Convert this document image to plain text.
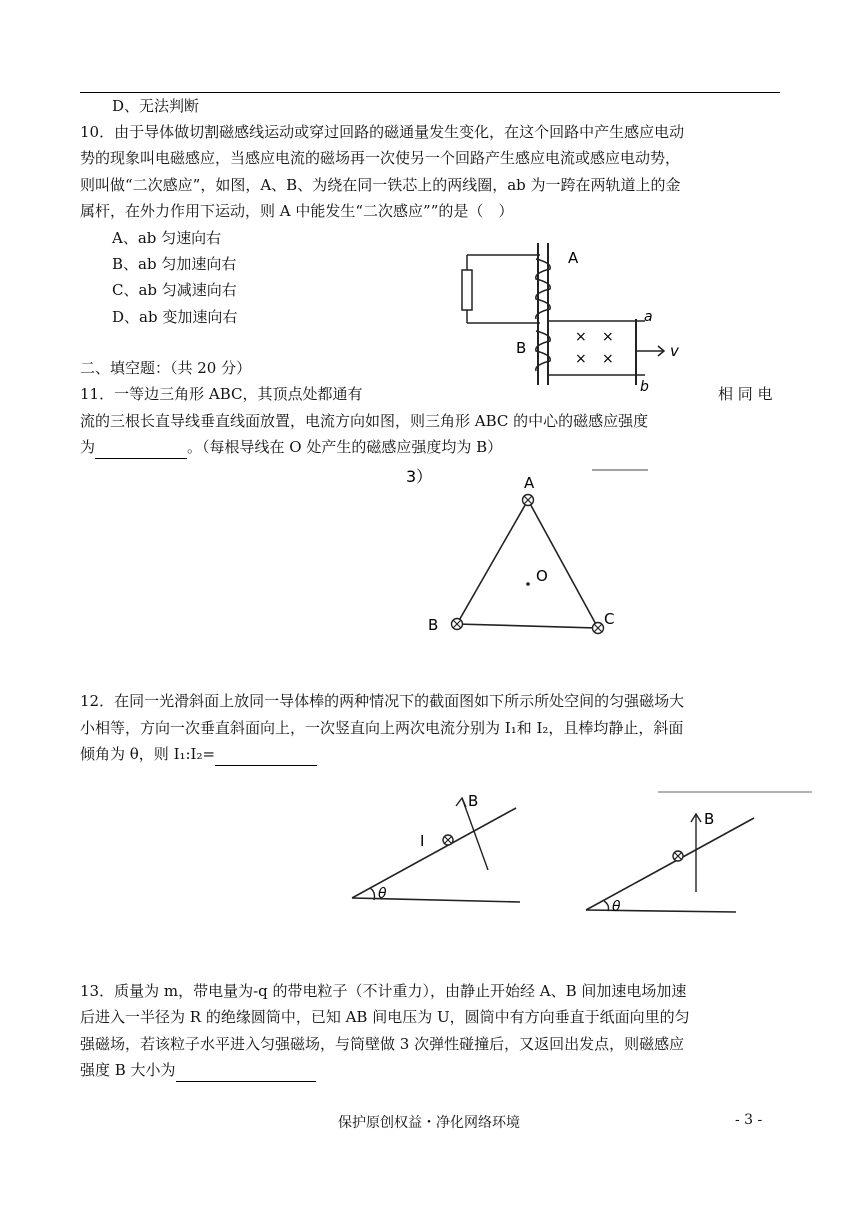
D、无法判断
10．由于导体做切割磁感线运动或穿过回路的磁通量发生变化，在这个回路中产生感应电动
势的现象叫电磁感应，当感应电流的磁场再一次使另一个回路产生感应电流或感应电动势，
则叫做“二次感应”，如图，A、B、为绕在同一铁芯上的两线圈，ab 为一跨在两轨道上的金
属杆，在外力作用下运动，则 A 中能发生“二次感应””的是（　）
A、ab 匀速向右
B、ab 匀加速向右
C、ab 匀减速向右
D、ab 变加速向右
A
B
a
b
v
× ×
× ×
二、填空题：（共 20 分）
11．一等边三角形 ABC，其顶点处都通有	相 同 电
流的三根长直导线垂直线面放置，电流方向如图，则三角形 ABC 的中心的磁感应强度
为	。（每根导线在 O 处产生的磁感应强度均为 B）
3）	A
B	C
O
12．在同一光滑斜面上放同一导体棒的两种情况下的截面图如下所示所处空间的匀强磁场大
小相等，方向一次垂直斜面向上，一次竖直向上两次电流分别为 I₁和 I₂，且棒均静止，斜面
倾角为 θ，则 I₁:I₂=
B
I
θ
B
θ
13．质量为 m，带电量为-q 的带电粒子（不计重力），由静止开始经 A、B 间加速电场加速
后进入一半径为 R 的绝缘圆筒中，已知 AB 间电压为 U，圆筒中有方向垂直于纸面向里的匀
强磁场，若该粒子水平进入匀强磁场，与筒壁做 3 次弹性碰撞后，又返回出发点，则磁感应
强度 B 大小为
保护原创权益・净化网络环境	- 3 -
